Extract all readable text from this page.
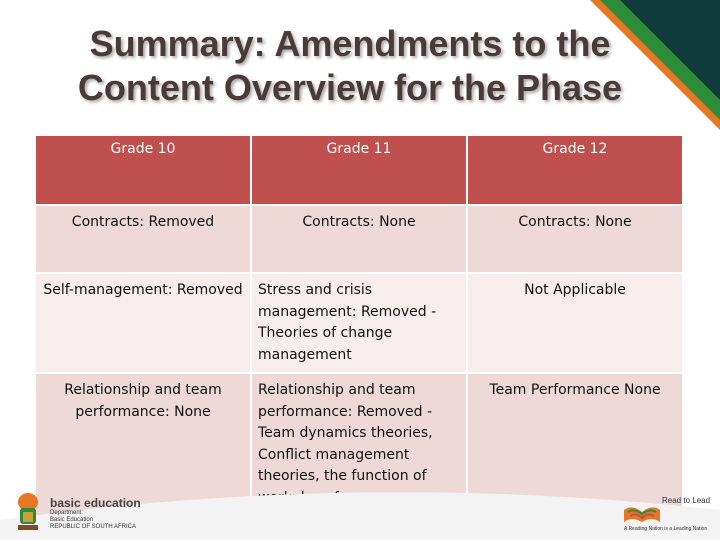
Summary: Amendments to the
Content Overview for the Phase
Grade 10	Grade 11	Grade 12
Contracts: Removed	Contracts: None	Contracts: None
Self-management: Removed	Stress and crisis management: Removed - Theories of change management	Not Applicable
Relationship and team performance: None	Relationship and team performance: Removed - Team dynamics theories, Conflict management theories, the function of	Team Performance None
basic education
Department:
Basic Education
REPUBLIC OF SOUTH AFRICA
Read to Lead
A Reading Nation is a Leading Nation
